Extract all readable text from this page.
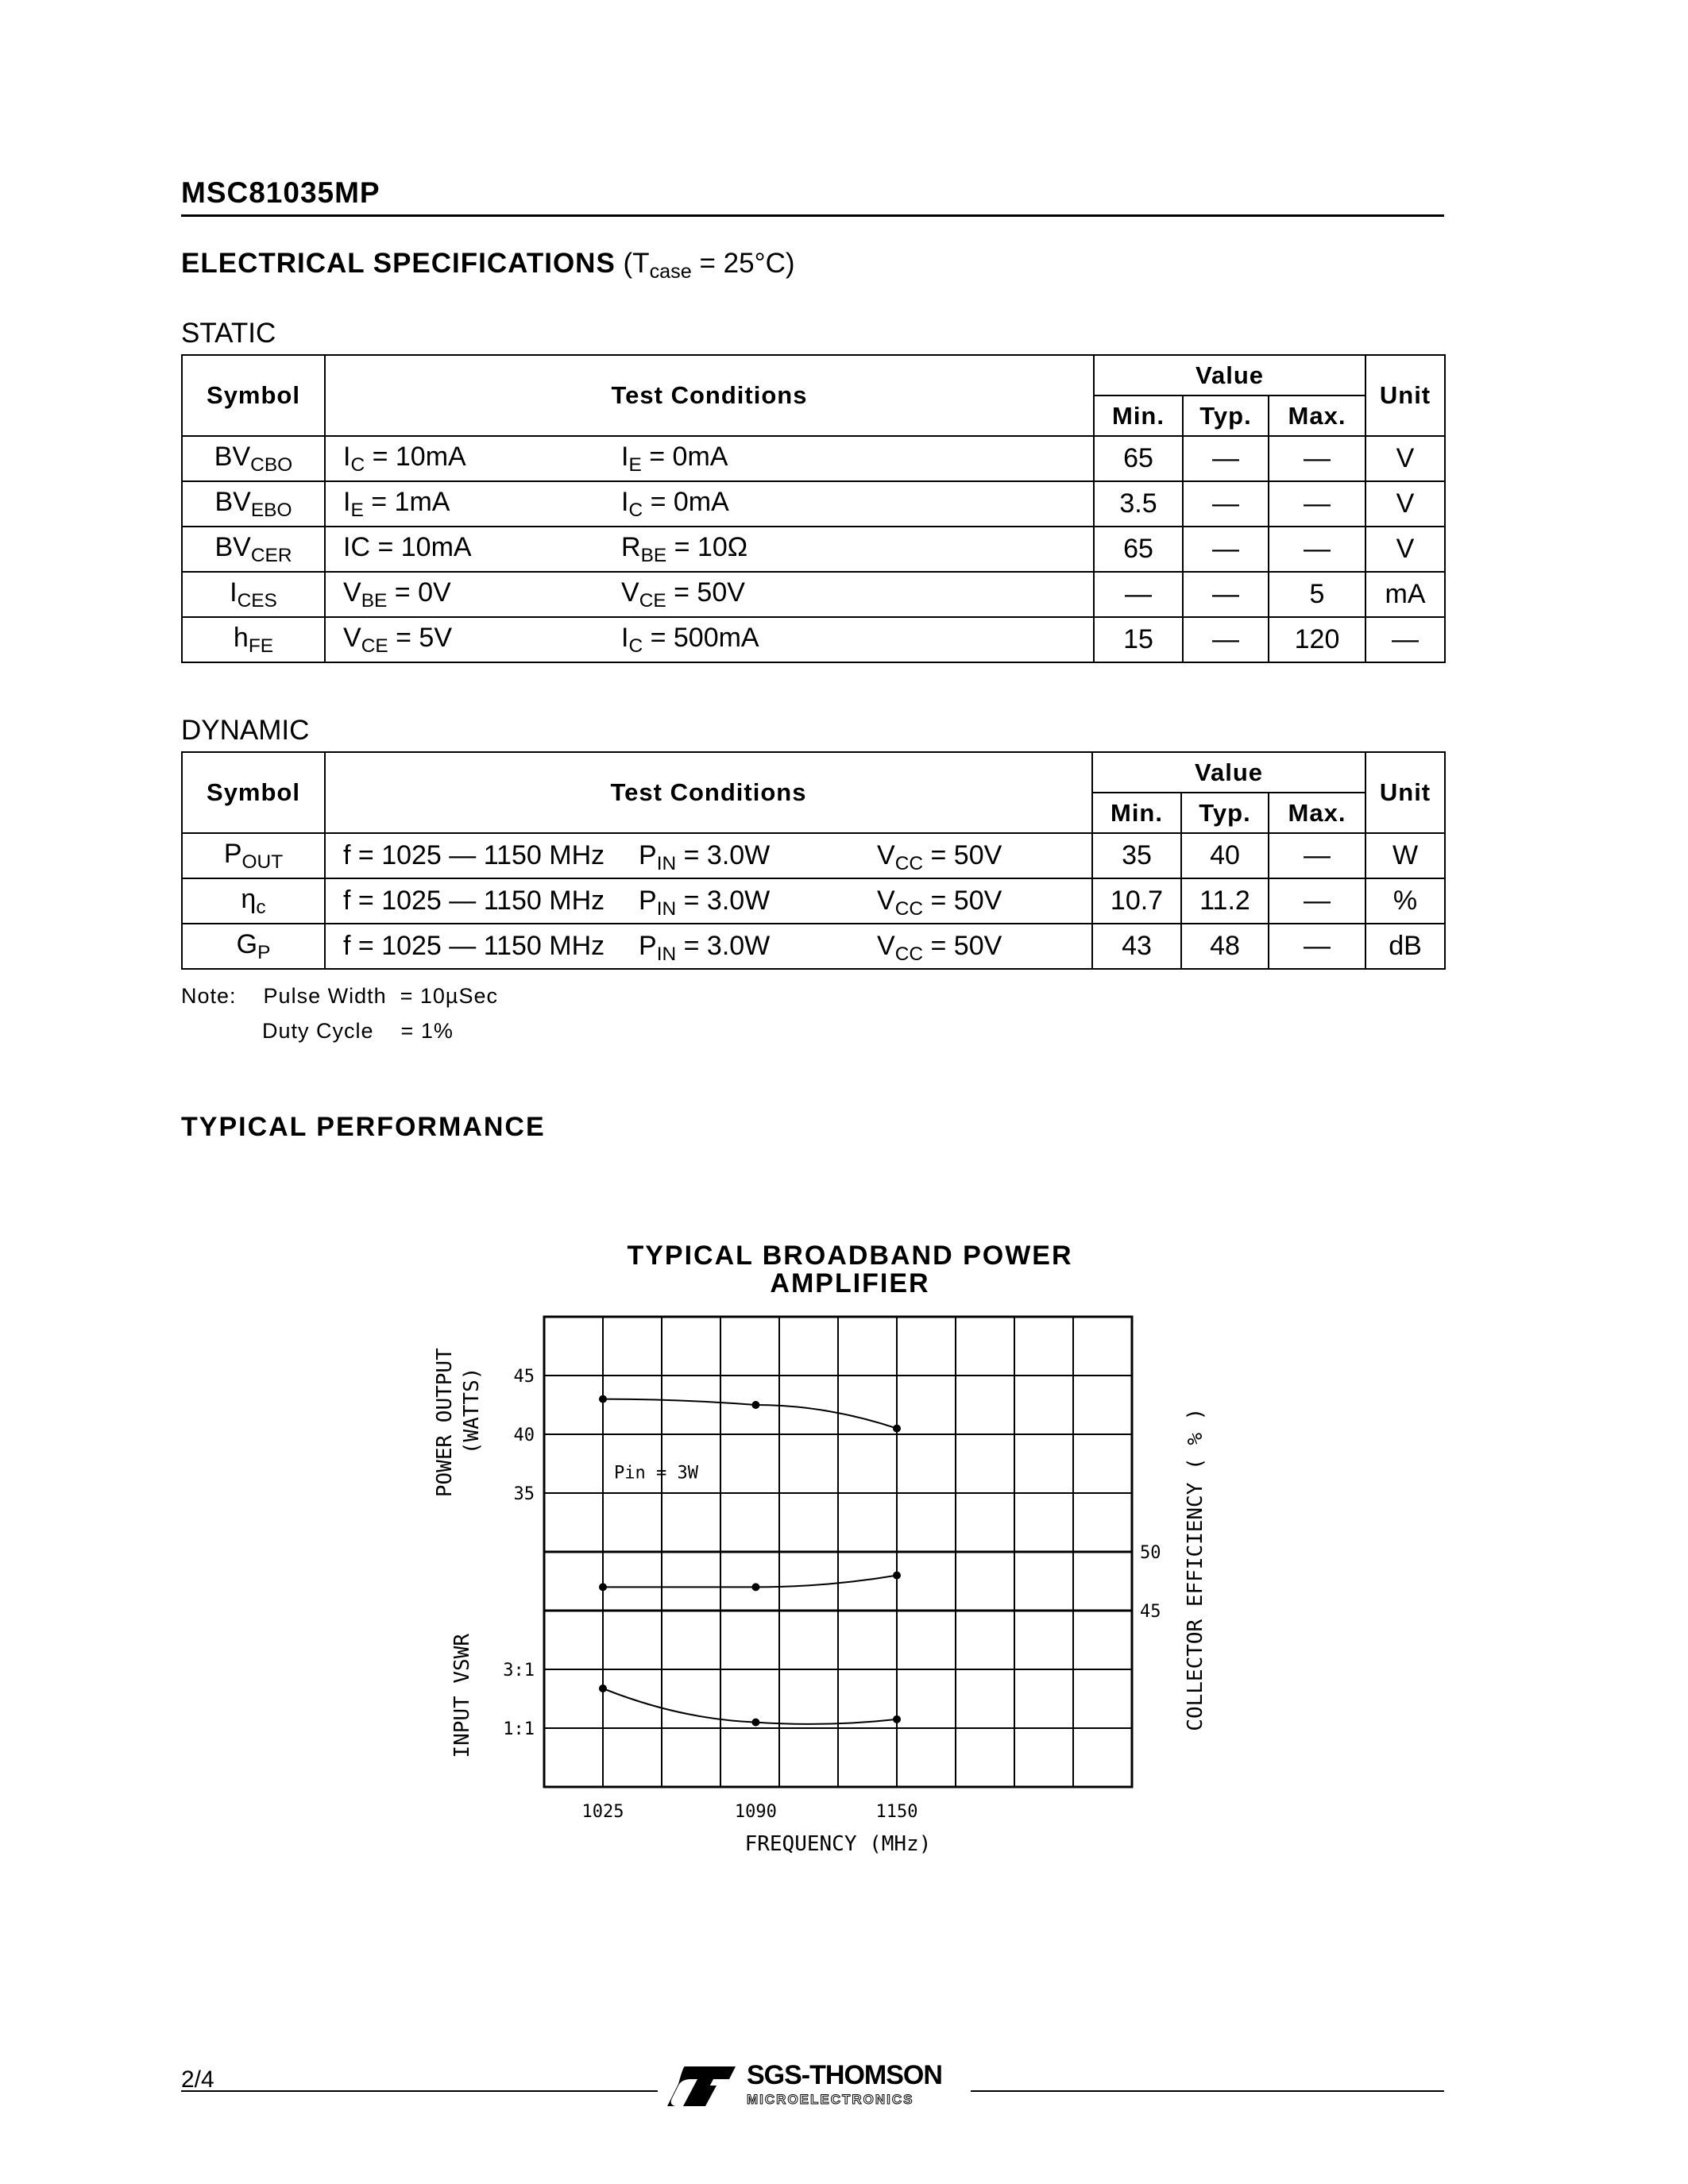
MSC81035MP
ELECTRICAL SPECIFICATIONS $(T_{case} = 25^\circ C)$
STATIC
Symbol	Test Conditions	Value			Unit
		Min.	Typ.	Max.	
$BV_{CBO}$	$I_C = 10mA$ $I_E = 0mA$	65	—	—	V
$BV_{EBO}$	$I_E = 1mA$ $I_C = 0mA$	3.5	—	—	V
$BV_{CER}$	IC = 10mA $R_{BE} = 10\Omega$	65	—	—	V
$I_{CES}$	$V_{BE} = 0V$ $V_{CE} = 50V$	—	—	5	mA
$h_{FE}$	$V_{CE} = 5V$ $I_C = 500mA$	15	—	120	—
DYNAMIC
Symbol	Test Conditions	Value			Unit
		Min.	Typ.	Max.	
$P_{OUT}$	f = 1025 — 1150 MHz $P_{IN} = 3.0W$ $V_{CC} = 50V$	35	40	—	W
$\eta_c$	f = 1025 — 1150 MHz $P_{IN} = 3.0W$ $V_{CC} = 50V$	10.7	11.2	—	%
$G_P$	f = 1025 — 1150 MHz $P_{IN} = 3.0W$ $V_{CC} = 50V$	43	48	—	dB
Note:    Pulse Width  = 10µSec
Duty Cycle    = 1%
TYPICAL PERFORMANCE
TYPICAL BROADBAND POWER
AMPLIFIER
45
40
35
50
45
3:1
1:1
1025	1090	1150
FREQUENCY (MHz)
Pin = 3W
POWER OUTPUT (WATTS)
INPUT VSWR	COLLECTOR EFFICIENCY ( % )
2/4	SGS-THOMSON
MICROELECTRONICS
